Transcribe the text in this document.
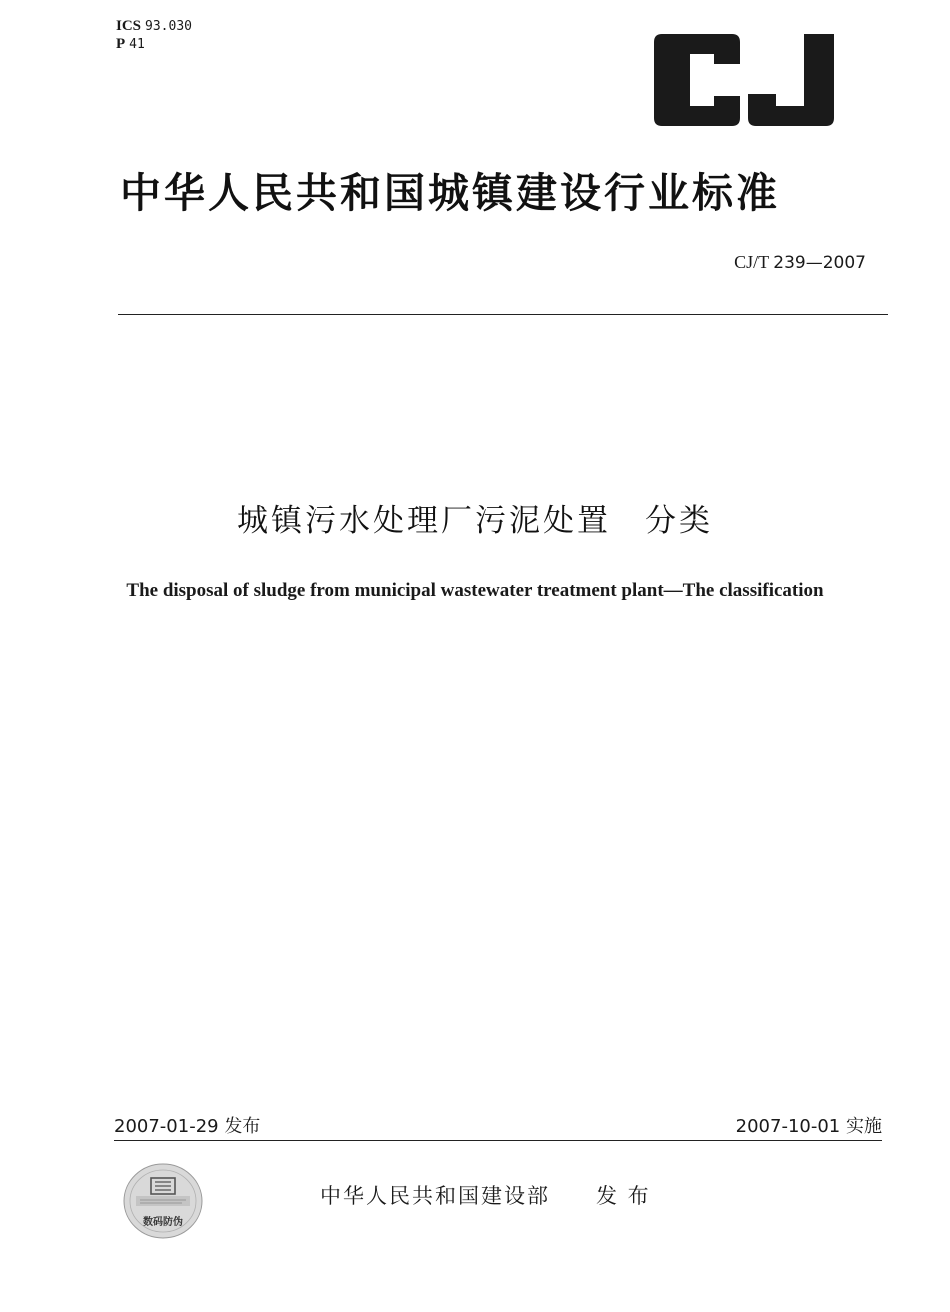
ICS 93.030
P 41
中华人民共和国城镇建设行业标准
CJ/T 239—2007
城镇污水处理厂污泥处置　分类
The disposal of sludge from municipal wastewater treatment plant—The classification
2007-01-29 发布	2007-10-01 实施
数码防伪
中华人民共和国建设部　　发 布
